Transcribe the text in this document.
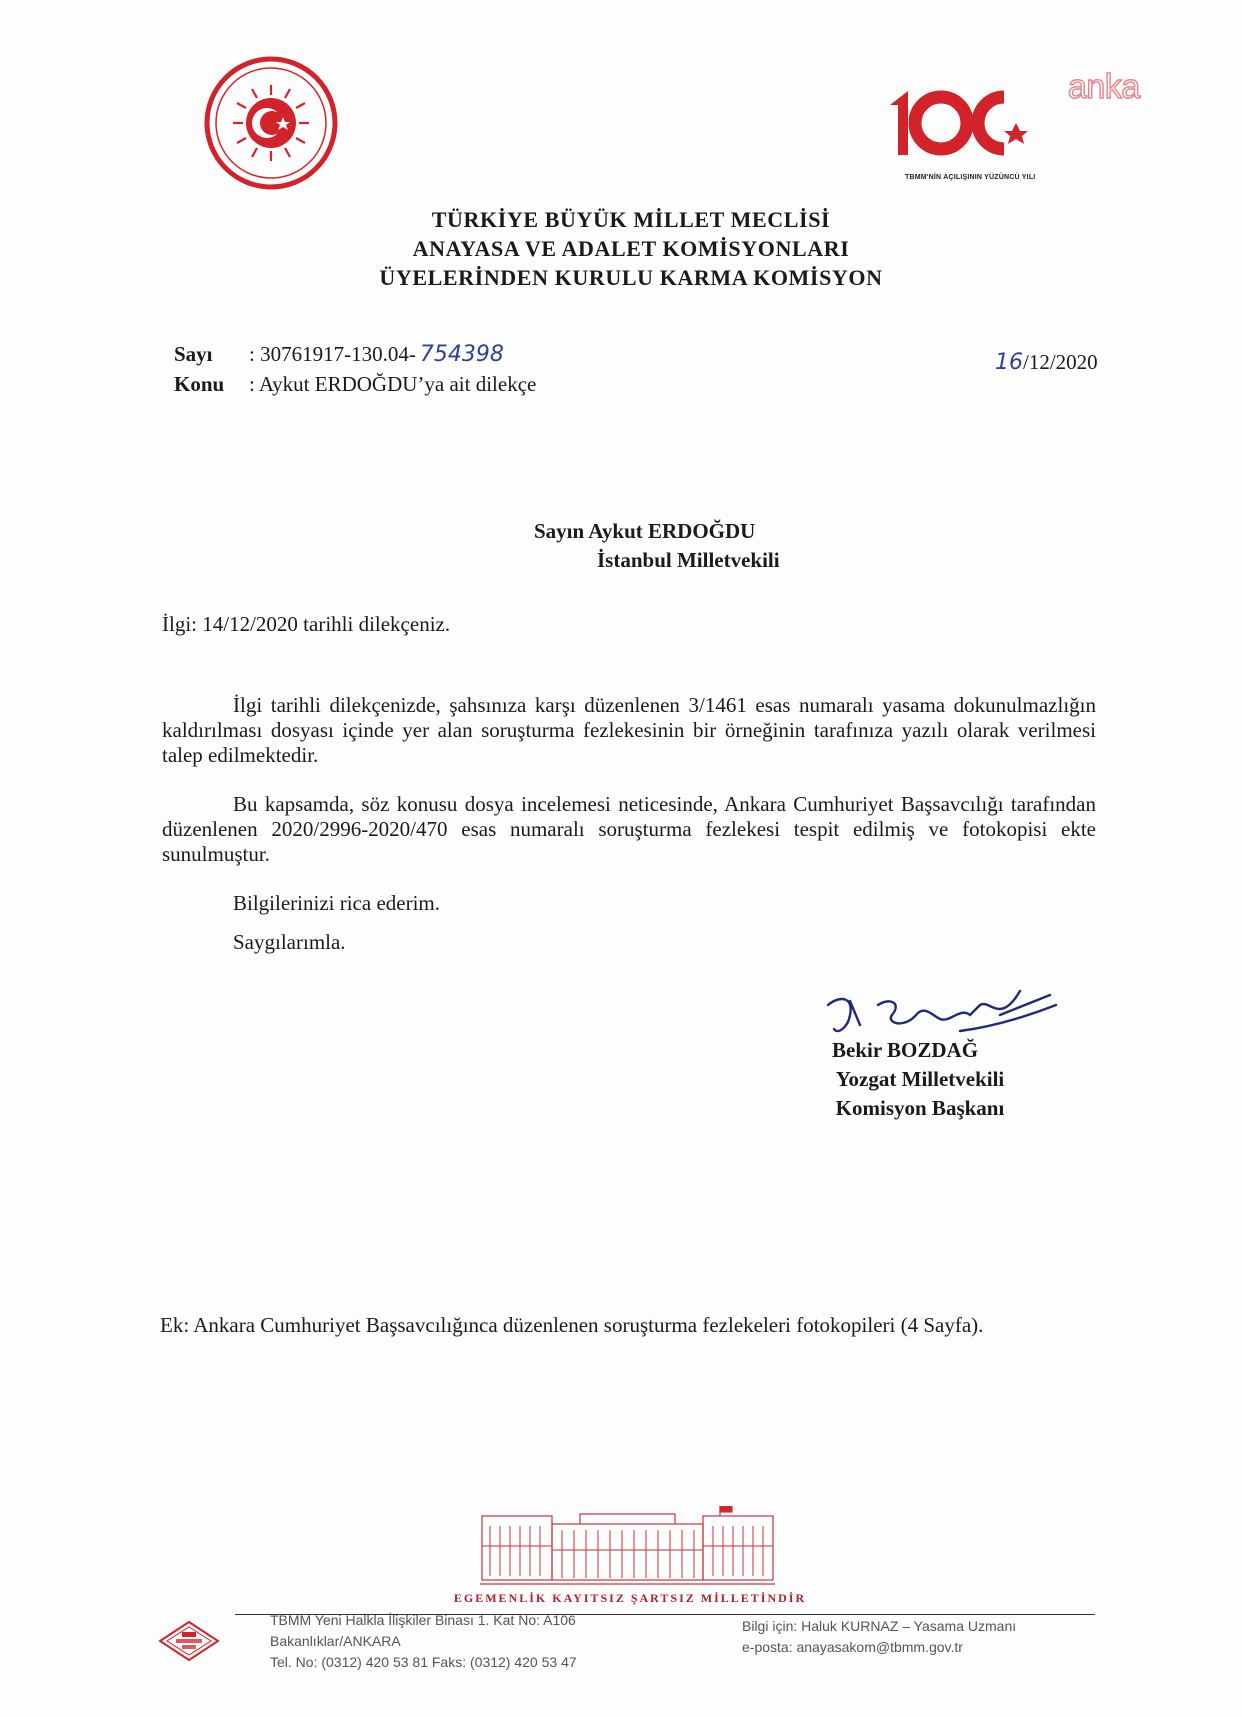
TBMM'NİN AÇILIŞININ YÜZÜNCÜ YILI
anka
TÜRKİYE BÜYÜK MİLLET MECLİSİ
ANAYASA VE ADALET KOMİSYONLARI
ÜYELERİNDEN KURULU KARMA KOMİSYON
Sayı : 30761917-130.04- 754398
Konu : Aykut ERDOĞDU’ya ait dilekçe
16/12/2020
Sayın Aykut ERDOĞDU
İstanbul Milletvekili
İlgi: 14/12/2020 tarihli dilekçeniz.
İlgi tarihli dilekçenizde, şahsınıza karşı düzenlenen 3/1461 esas numaralı yasama dokunulmazlığın kaldırılması dosyası içinde yer alan soruşturma fezlekesinin bir örneğinin tarafınıza yazılı olarak verilmesi talep edilmektedir.
Bu kapsamda, söz konusu dosya incelemesi neticesinde, Ankara Cumhuriyet Başsavcılığı tarafından düzenlenen 2020/2996-2020/470 esas numaralı soruşturma fezlekesi tespit edilmiş ve fotokopisi ekte sunulmuştur.
Bilgilerinizi rica ederim.
Saygılarımla.
Bekir BOZDAĞ
Yozgat Milletvekili
Komisyon Başkanı
Ek: Ankara Cumhuriyet Başsavcılığınca düzenlenen soruşturma fezlekeleri fotokopileri (4 Sayfa).
EGEMENLİK KAYITSIZ ŞARTSIZ MİLLETİNDİR
TBMM Yeni Halkla İlişkiler Binası 1. Kat No: A106
Bakanlıklar/ANKARA
Tel. No: (0312) 420 53 81 Faks: (0312) 420 53 47
Bilgi için: Haluk KURNAZ – Yasama Uzmanı
e-posta: anayasakom@tbmm.gov.tr
